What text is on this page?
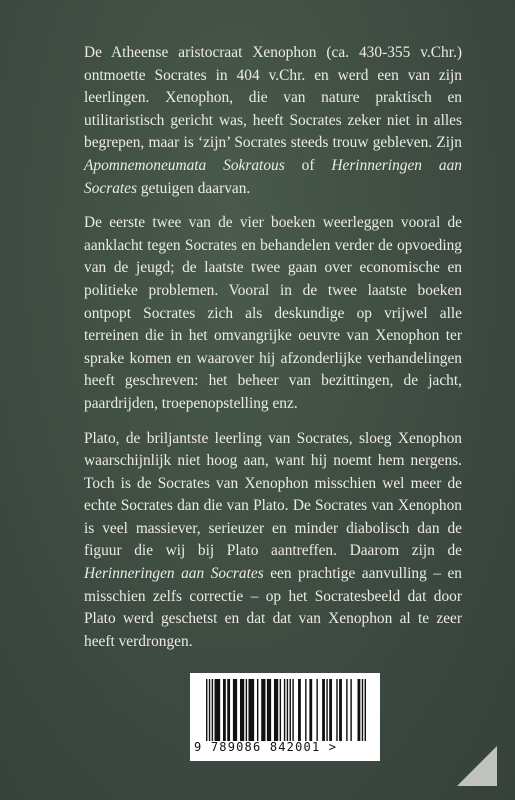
De Atheense aristocraat Xenophon (ca. 430-355 v.Chr.) ontmoette Socrates in 404 v.Chr. en werd een van zijn leerlingen. Xenophon, die van nature praktisch en utilitaristisch gericht was, heeft Socrates zeker niet in alles begrepen, maar is ‘zijn’ Socrates steeds trouw gebleven. Zijn Apomnemoneumata Sokratous of Herinneringen aan Socrates getuigen daarvan.

De eerste twee van de vier boeken weerleggen vooral de aanklacht tegen Socrates en behandelen verder de opvoeding van de jeugd; de laatste twee gaan over economische en politieke problemen. Vooral in de twee laatste boeken ontpopt Socrates zich als deskundige op vrijwel alle terreinen die in het omvangrijke oeuvre van Xenophon ter sprake komen en waarover hij afzonderlijke verhandelingen heeft geschreven: het beheer van bezittingen, de jacht, paardrijden, troepenopstelling enz.

Plato, de briljantste leerling van Socrates, sloeg Xenophon waarschijnlijk niet hoog aan, want hij noemt hem nergens. Toch is de Socrates van Xenophon misschien wel meer de echte Socrates dan die van Plato. De Socrates van Xenophon is veel massiever, serieuzer en minder diabolisch dan de figuur die wij bij Plato aantreffen. Daarom zijn de Herinneringen aan Socrates een prachtige aanvulling – en misschien zelfs correctie – op het Socratesbeeld dat door Plato werd geschetst en dat dat van Xenophon al te zeer heeft verdrongen.

9 789086 842001 >
